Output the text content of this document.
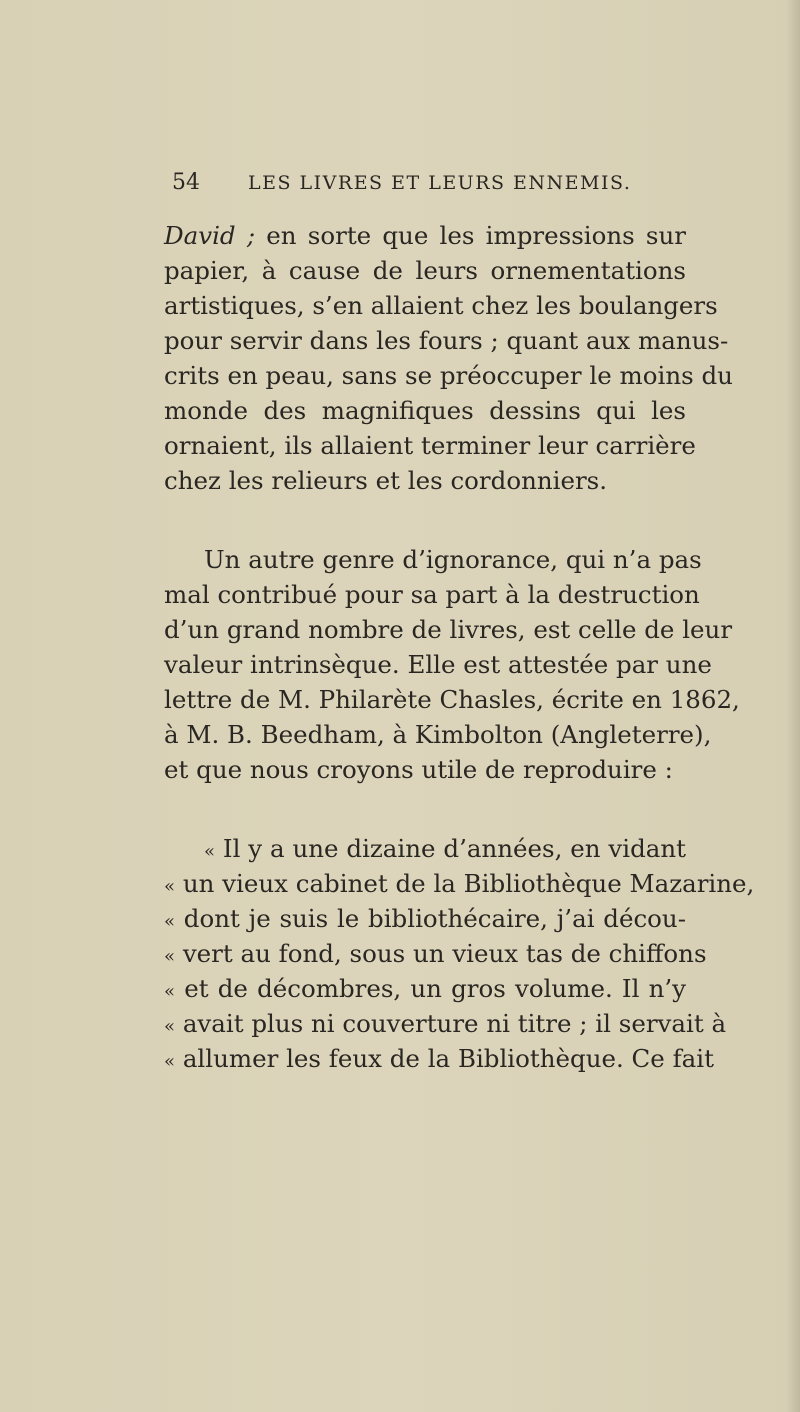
54	LES LIVRES ET LEURS ENNEMIS.
David ; en sorte que les impressions sur
papier, à cause de leurs ornementations
artistiques, s’en allaient chez les boulangers
pour servir dans les fours ; quant aux manus-
crits en peau, sans se préoccuper le moins du
monde des magnifiques dessins qui les
ornaient, ils allaient terminer leur carrière
chez les relieurs et les cordonniers.
Un autre genre d’ignorance, qui n’a pas
mal contribué pour sa part à la destruction
d’un grand nombre de livres, est celle de leur
valeur intrinsèque. Elle est attestée par une
lettre de M. Philarète Chasles, écrite en 1862,
à M. B. Beedham, à Kimbolton (Angleterre),
et que nous croyons utile de reproduire :
« Il y a une dizaine d’années, en vidant
« un vieux cabinet de la Bibliothèque Mazarine,
« dont je suis le bibliothécaire, j’ai décou-
« vert au fond, sous un vieux tas de chiffons
« et de décombres, un gros volume. Il n’y
« avait plus ni couverture ni titre ; il servait à
« allumer les feux de la Bibliothèque. Ce fait
